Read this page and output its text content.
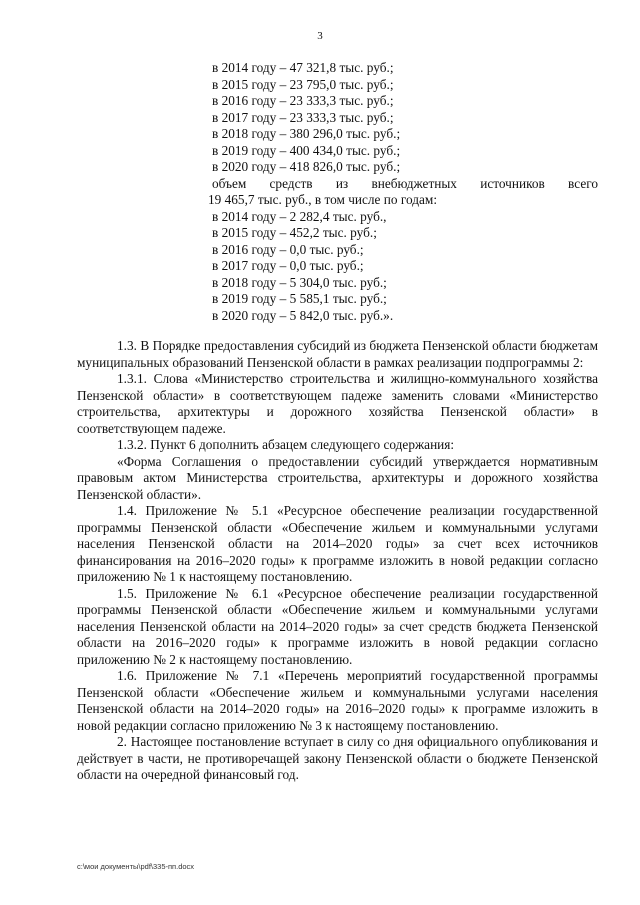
3
в 2014 году – 47 321,8 тыс. руб.;
в 2015 году – 23 795,0 тыс. руб.;
в 2016 году – 23 333,3 тыс. руб.;
в 2017 году – 23 333,3 тыс. руб.;
в 2018 году – 380 296,0 тыс. руб.;
в 2019 году – 400 434,0 тыс. руб.;
в 2020 году – 418 826,0 тыс. руб.;
объем средств из внебюджетных источников всего
19 465,7 тыс. руб., в том числе по годам:
в 2014 году – 2 282,4 тыс. руб.,
в 2015 году – 452,2 тыс. руб.;
в 2016 году – 0,0 тыс. руб.;
в 2017 году – 0,0 тыс. руб.;
в 2018 году – 5 304,0 тыс. руб.;
в 2019 году – 5 585,1 тыс. руб.;
в 2020 году – 5 842,0 тыс. руб.».

1.3. В Порядке предоставления субсидий из бюджета Пензенской области бюджетам муниципальных образований Пензенской области в рамках реализации подпрограммы 2:

1.3.1. Слова «Министерство строительства и жилищно-коммунального хозяйства Пензенской области» в соответствующем падеже заменить словами «Министерство строительства, архитектуры и дорожного хозяйства Пензенской области» в соответствующем падеже.

1.3.2. Пункт 6 дополнить абзацем следующего содержания:

«Форма Соглашения о предоставлении субсидий утверждается нормативным правовым актом Министерства строительства, архитектуры и дорожного хозяйства Пензенской области».

1.4. Приложение № 5.1 «Ресурсное обеспечение реализации государственной программы Пензенской области «Обеспечение жильем и коммунальными услугами населения Пензенской области на 2014–2020 годы» за счет всех источников финансирования на 2016–2020 годы» к программе изложить в новой редакции согласно приложению № 1 к настоящему постановлению.

1.5. Приложение № 6.1 «Ресурсное обеспечение реализации государственной программы Пензенской области «Обеспечение жильем и коммунальными услугами населения Пензенской области на 2014–2020 годы» за счет средств бюджета Пензенской области на 2016–2020 годы» к программе изложить в новой редакции согласно приложению № 2 к настоящему постановлению.

1.6. Приложение № 7.1 «Перечень мероприятий государственной программы Пензенской области «Обеспечение жильем и коммунальными услугами населения Пензенской области на 2014–2020 годы» на 2016–2020 годы» к программе изложить в новой редакции согласно приложению № 3 к настоящему постановлению.

2. Настоящее постановление вступает в силу со дня официального опубликования и действует в части, не противоречащей закону Пензенской области о бюджете Пензенской области на очередной финансовый год.

c:\мои документы\pdf\335-пп.docx
